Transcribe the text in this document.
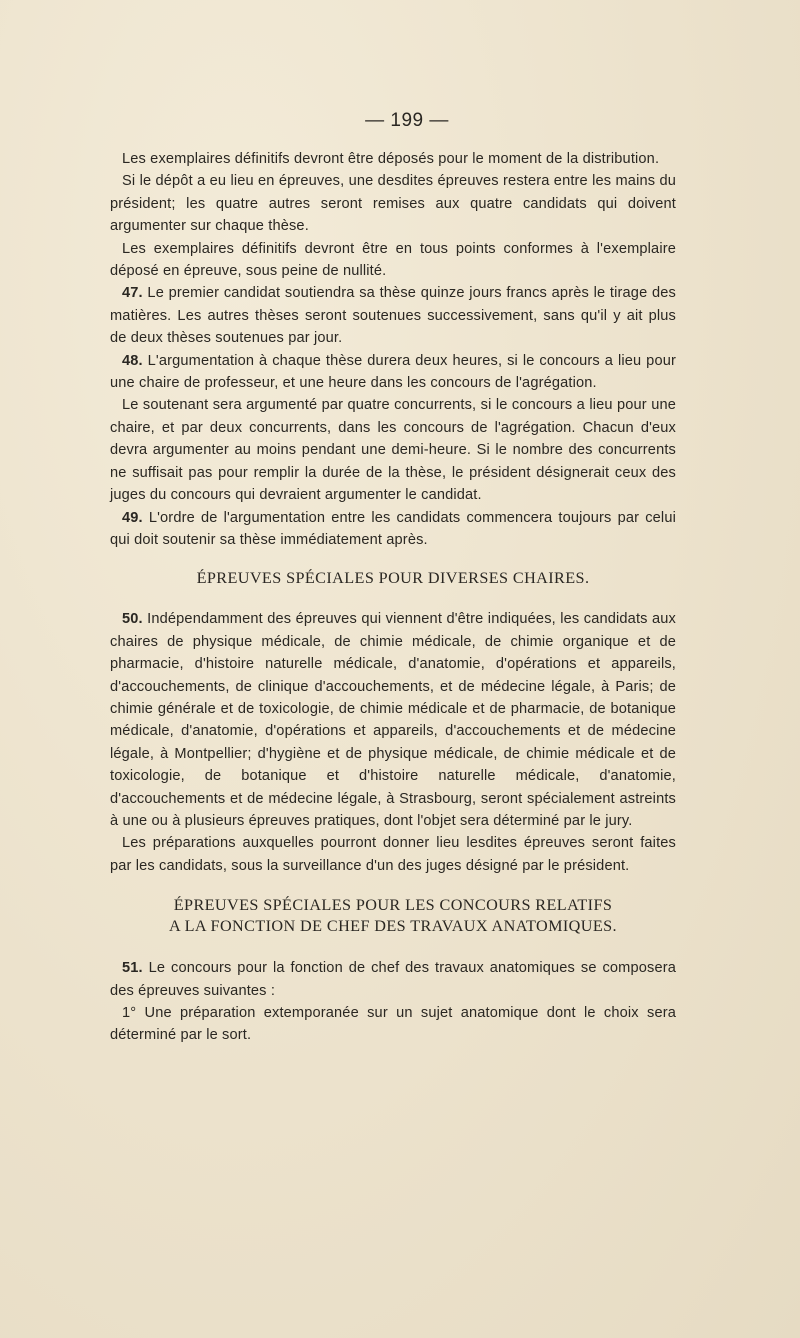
— 199 —

Les exemplaires définitifs devront être déposés pour le moment de la distribution.

Si le dépôt a eu lieu en épreuves, une desdites épreuves restera entre les mains du président; les quatre autres seront remises aux quatre candidats qui doivent argumenter sur chaque thèse.

Les exemplaires définitifs devront être en tous points conformes à l'exemplaire déposé en épreuve, sous peine de nullité.

47. Le premier candidat soutiendra sa thèse quinze jours francs après le tirage des matières. Les autres thèses seront soutenues successivement, sans qu'il y ait plus de deux thèses soutenues par jour.

48. L'argumentation à chaque thèse durera deux heures, si le concours a lieu pour une chaire de professeur, et une heure dans les concours de l'agrégation.

Le soutenant sera argumenté par quatre concurrents, si le concours a lieu pour une chaire, et par deux concurrents, dans les concours de l'agrégation. Chacun d'eux devra argumenter au moins pendant une demi-heure. Si le nombre des concurrents ne suffisait pas pour remplir la durée de la thèse, le président désignerait ceux des juges du concours qui devraient argumenter le candidat.

49. L'ordre de l'argumentation entre les candidats commencera toujours par celui qui doit soutenir sa thèse immédiatement après.

ÉPREUVES SPÉCIALES POUR DIVERSES CHAIRES.

50. Indépendamment des épreuves qui viennent d'être indiquées, les candidats aux chaires de physique médicale, de chimie médicale, de chimie organique et de pharmacie, d'histoire naturelle médicale, d'anatomie, d'opérations et appareils, d'accouchements, de clinique d'accouchements, et de médecine légale, à Paris; de chimie générale et de toxicologie, de chimie médicale et de pharmacie, de botanique médicale, d'anatomie, d'opérations et appareils, d'accouchements et de médecine légale, à Montpellier; d'hygiène et de physique médicale, de chimie médicale et de toxicologie, de botanique et d'histoire naturelle médicale, d'anatomie, d'accouchements et de médecine légale, à Strasbourg, seront spécialement astreints à une ou à plusieurs épreuves pratiques, dont l'objet sera déterminé par le jury.

Les préparations auxquelles pourront donner lieu lesdites épreuves seront faites par les candidats, sous la surveillance d'un des juges désigné par le président.

ÉPREUVES SPÉCIALES POUR LES CONCOURS RELATIFS
A LA FONCTION DE CHEF DES TRAVAUX ANATOMIQUES.

51. Le concours pour la fonction de chef des travaux anatomiques se composera des épreuves suivantes :

1° Une préparation extemporanée sur un sujet anatomique dont le choix sera déterminé par le sort.
